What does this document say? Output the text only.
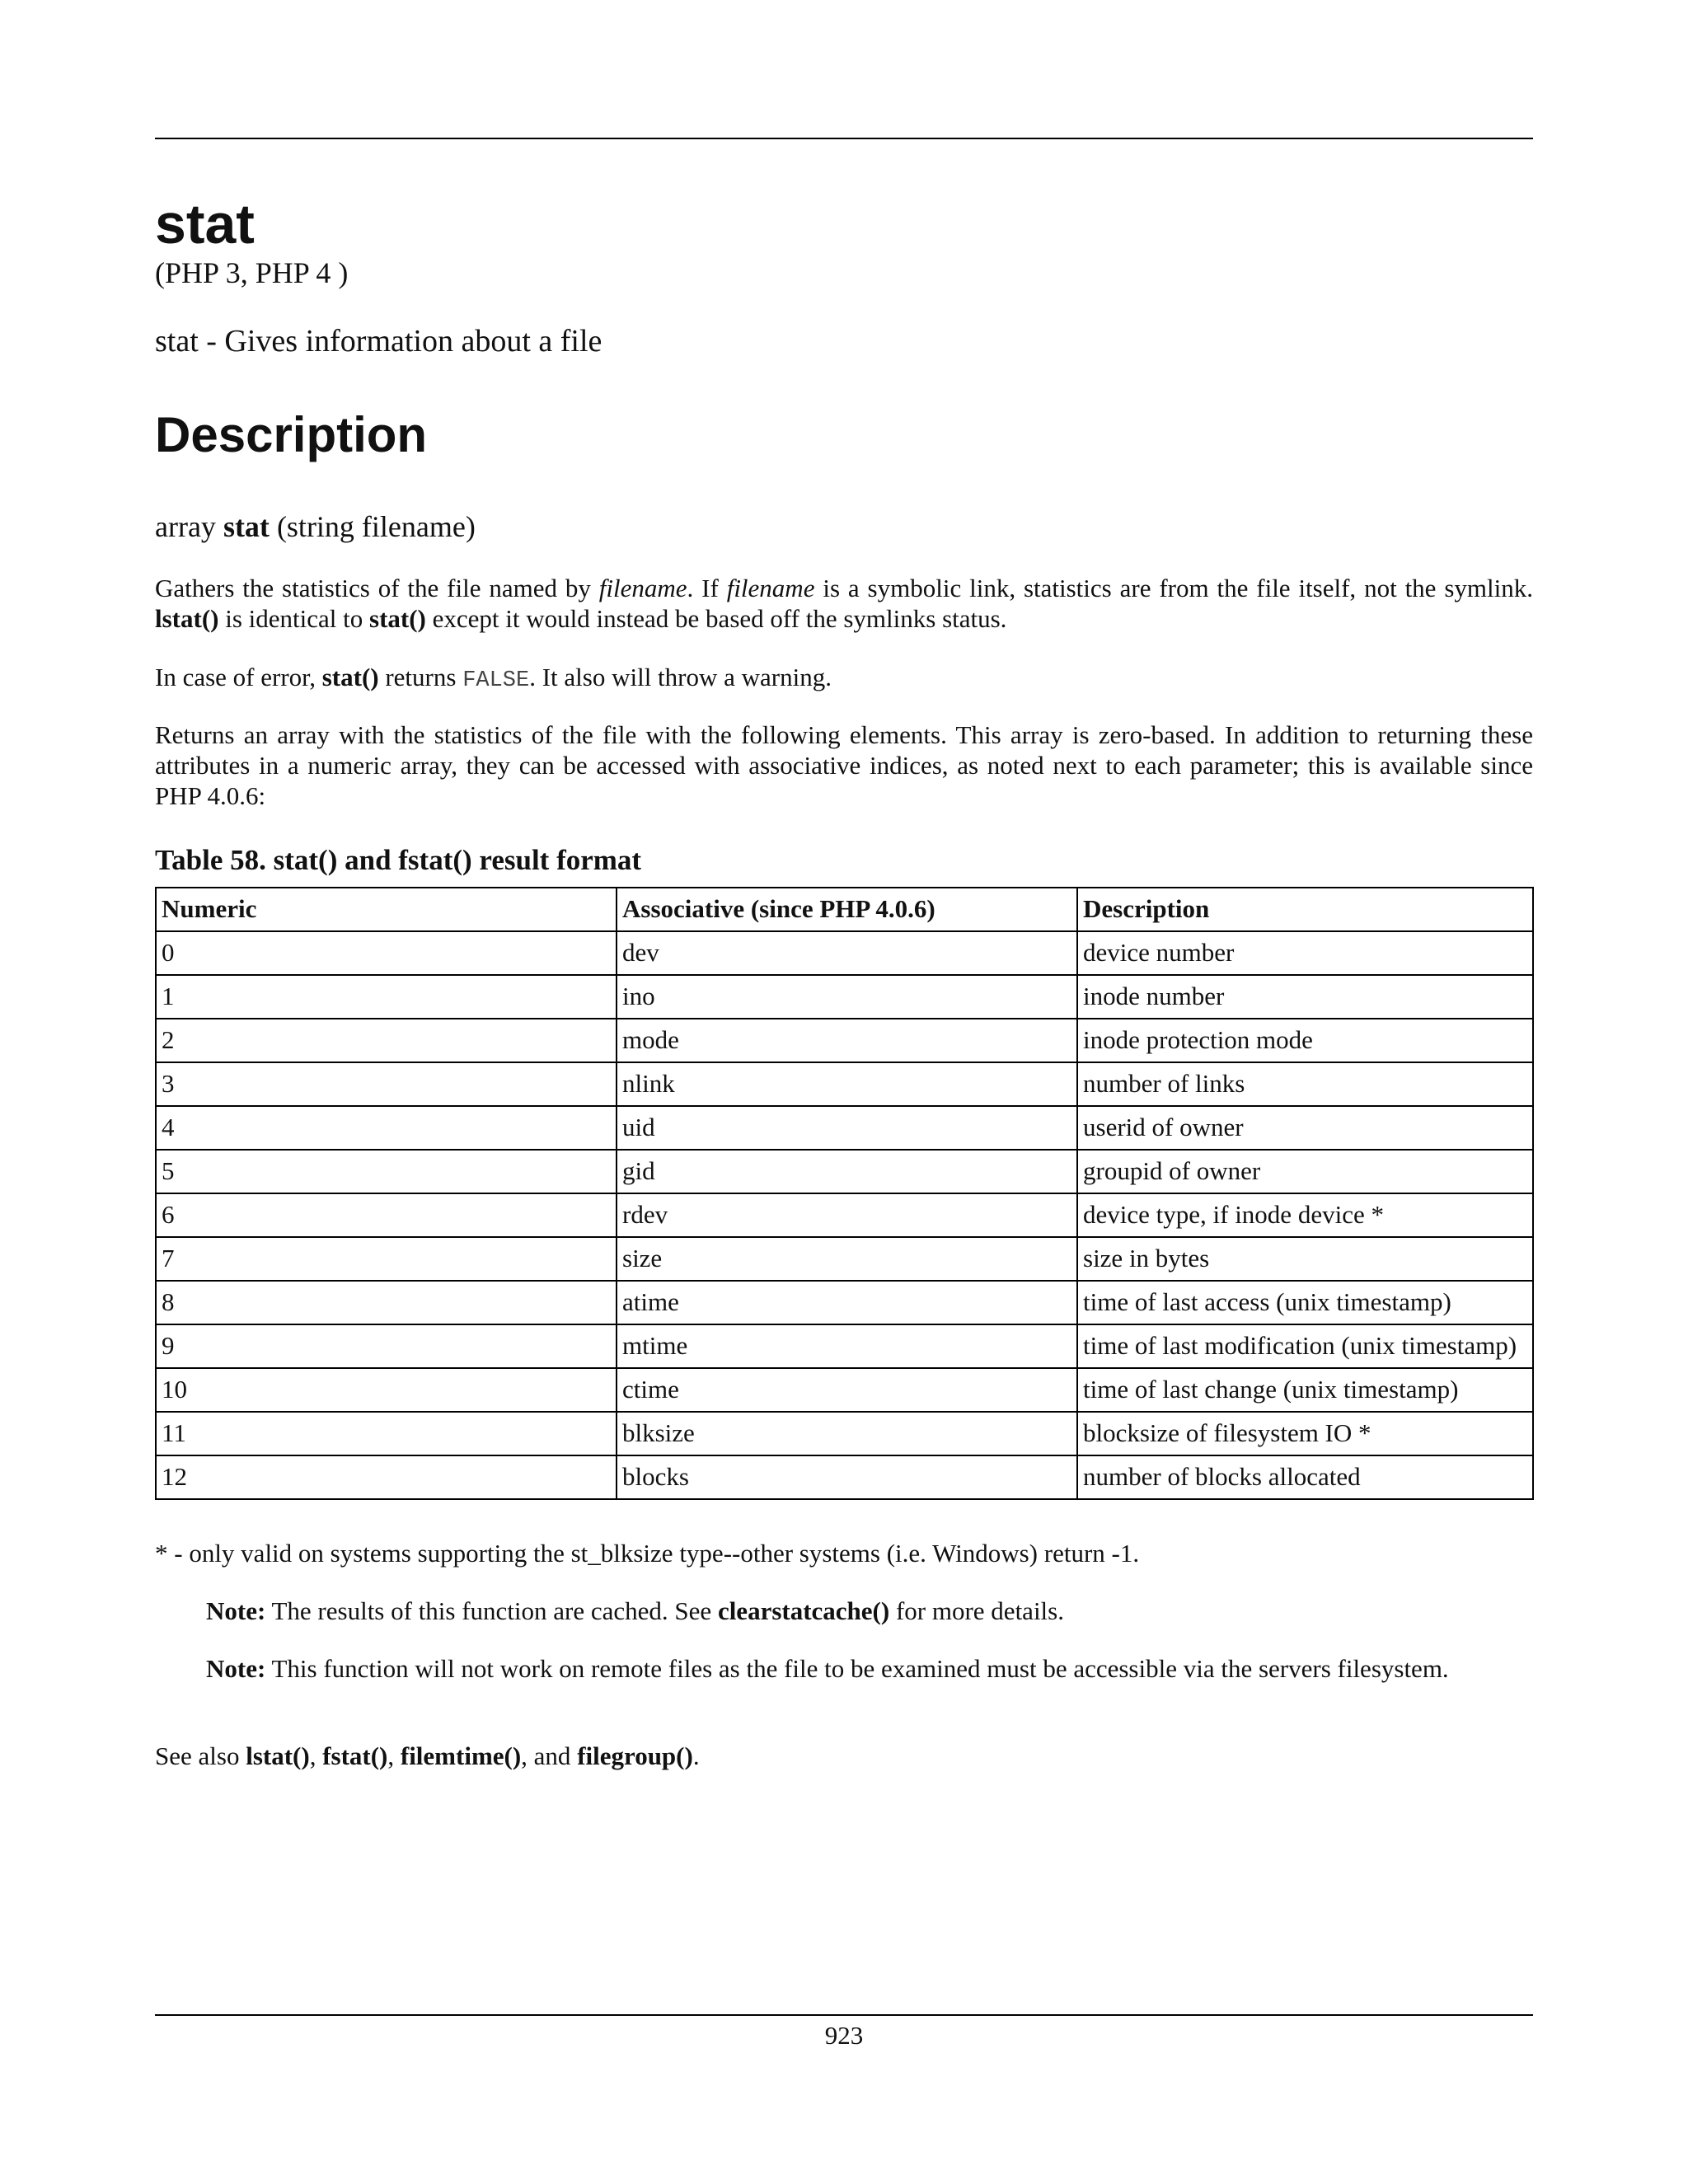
stat
(PHP 3, PHP 4 )
stat - Gives information about a file
Description
array stat (string filename)

Gathers the statistics of the file named by filename. If filename is a symbolic link, statistics are from the file itself, not the symlink. lstat() is identical to stat() except it would instead be based off the symlinks status.

In case of error, stat() returns FALSE. It also will throw a warning.

Returns an array with the statistics of the file with the following elements. This array is zero-based. In addition to returning these attributes in a numeric array, they can be accessed with associative indices, as noted next to each parameter; this is available since PHP 4.0.6:

Table 58. stat() and fstat() result format
Numeric	Associative (since PHP 4.0.6)	Description
0	dev	device number
1	ino	inode number
2	mode	inode protection mode
3	nlink	number of links
4	uid	userid of owner
5	gid	groupid of owner
6	rdev	device type, if inode device *
7	size	size in bytes
8	atime	time of last access (unix timestamp)
9	mtime	time of last modification (unix timestamp)
10	ctime	time of last change (unix timestamp)
11	blksize	blocksize of filesystem IO *
12	blocks	number of blocks allocated
* - only valid on systems supporting the st_blksize type--other systems (i.e. Windows) return -1.

Note: The results of this function are cached. See clearstatcache() for more details.

Note: This function will not work on remote files as the file to be examined must be accessible via the servers filesystem.

See also lstat(), fstat(), filemtime(), and filegroup().
923
